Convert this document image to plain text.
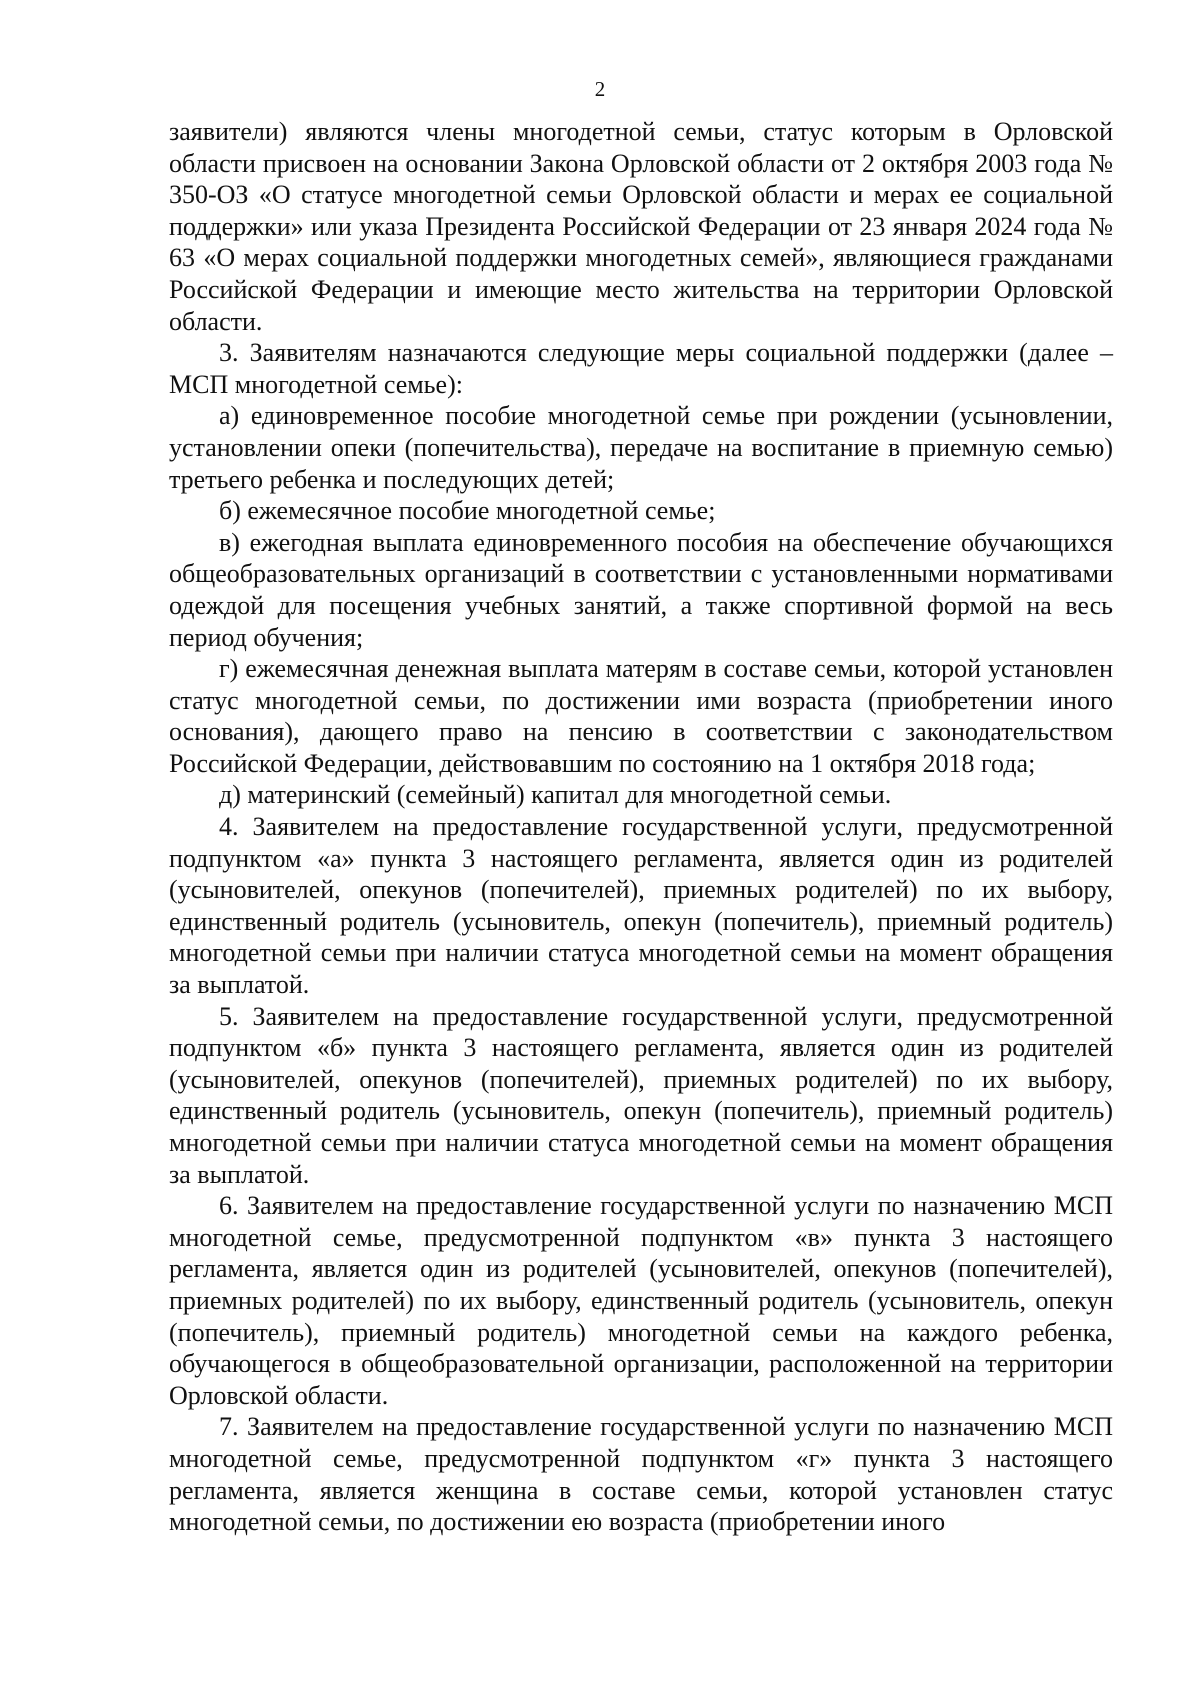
2

заявители) являются члены многодетной семьи, статус которым в Орловской области присвоен на основании Закона Орловской области от 2 октября 2003 года № 350-ОЗ «О статусе многодетной семьи Орловской области и мерах ее социальной поддержки» или указа Президента Российской Федерации от 23 января 2024 года № 63 «О мерах социальной поддержки многодетных семей», являющиеся гражданами Российской Федерации и имеющие место жительства на территории Орловской области.

3. Заявителям назначаются следующие меры социальной поддержки (далее – МСП многодетной семье):

а) единовременное пособие многодетной семье при рождении (усыновлении, установлении опеки (попечительства), передаче на воспитание в приемную семью) третьего ребенка и последующих детей;

б) ежемесячное пособие многодетной семье;

в) ежегодная выплата единовременного пособия на обеспечение обучающихся общеобразовательных организаций в соответствии с установленными нормативами одеждой для посещения учебных занятий, а также спортивной формой на весь период обучения;

г) ежемесячная денежная выплата матерям в составе семьи, которой установлен статус многодетной семьи, по достижении ими возраста (приобретении иного основания), дающего право на пенсию в соответствии с законодательством Российской Федерации, действовавшим по состоянию на 1 октября 2018 года;

д) материнский (семейный) капитал для многодетной семьи.

4. Заявителем на предоставление государственной услуги, предусмотренной подпунктом «а» пункта 3 настоящего регламента, является один из родителей (усыновителей, опекунов (попечителей), приемных родителей) по их выбору, единственный родитель (усыновитель, опекун (попечитель), приемный родитель) многодетной семьи при наличии статуса многодетной семьи на момент обращения за выплатой.

5. Заявителем на предоставление государственной услуги, предусмотренной подпунктом «б» пункта 3 настоящего регламента, является один из родителей (усыновителей, опекунов (попечителей), приемных родителей) по их выбору, единственный родитель (усыновитель, опекун (попечитель), приемный родитель) многодетной семьи при наличии статуса многодетной семьи на момент обращения за выплатой.

6. Заявителем на предоставление государственной услуги по назначению МСП многодетной семье, предусмотренной подпунктом «в» пункта 3 настоящего регламента, является один из родителей (усыновителей, опекунов (попечителей), приемных родителей) по их выбору, единственный родитель (усыновитель, опекун (попечитель), приемный родитель) многодетной семьи на каждого ребенка, обучающегося в общеобразовательной организации, расположенной на территории Орловской области.

7. Заявителем на предоставление государственной услуги по назначению МСП многодетной семье, предусмотренной подпунктом «г» пункта 3 настоящего регламента, является женщина в составе семьи, которой установлен статус многодетной семьи, по достижении ею возраста (приобретении иного
